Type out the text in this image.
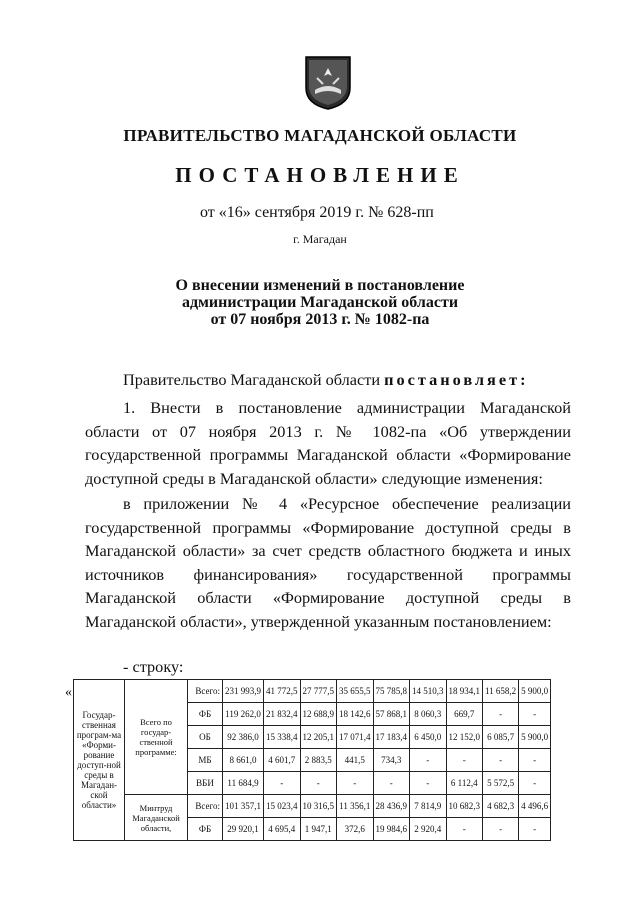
ПРАВИТЕЛЬСТВО МАГАДАНСКОЙ ОБЛАСТИ
ПОСТАНОВЛЕНИЕ
от «16» сентября 2019 г. № 628-пп
г. Магадан
О внесении изменений в постановление
администрации Магаданской области
от 07 ноября 2013 г. № 1082-па
Правительство Магаданской области постановляет:
1. Внести в постановление администрации Магаданской области от 07 ноября 2013 г. № 1082-па «Об утверждении государственной программы Магаданской области «Формирование доступной среды в Магаданской области» следующие изменения:
в приложении № 4 «Ресурсное обеспечение реализации государственной программы «Формирование доступной среды в Магаданской области» за счет средств областного бюджета и иных источников финансирования» государственной программы Магаданской области «Формирование доступной среды в Магаданской области», утвержденной указанным постановлением:
- строку:
«
Государ-ственная програм-ма «Форми-рование доступ-ной среды в Магадан-ской области»	Всего по государ-ственной программе:	Всего:	231 993,9	41 772,5	27 777,5	35 655,5	75 785,8	14 510,3	18 934,1	11 658,2	5 900,0
		ФБ	119 262,0	21 832,4	12 688,9	18 142,6	57 868,1	8 060,3	669,7	-	-
		ОБ	92 386,0	15 338,4	12 205,1	17 071,4	17 183,4	6 450,0	12 152,0	6 085,7	5 900,0
		МБ	8 661,0	4 601,7	2 883,5	441,5	734,3	-	-	-	-
		ВБИ	11 684,9	-	-	-	-	-	6 112,4	5 572,5	-
	Минтруд Магаданской области,	Всего:	101 357,1	15 023,4	10 316,5	11 356,1	28 436,9	7 814,9	10 682,3	4 682,3	4 496,6
		ФБ	29 920,1	4 695,4	1 947,1	372,6	19 984,6	2 920,4	-	-	-
